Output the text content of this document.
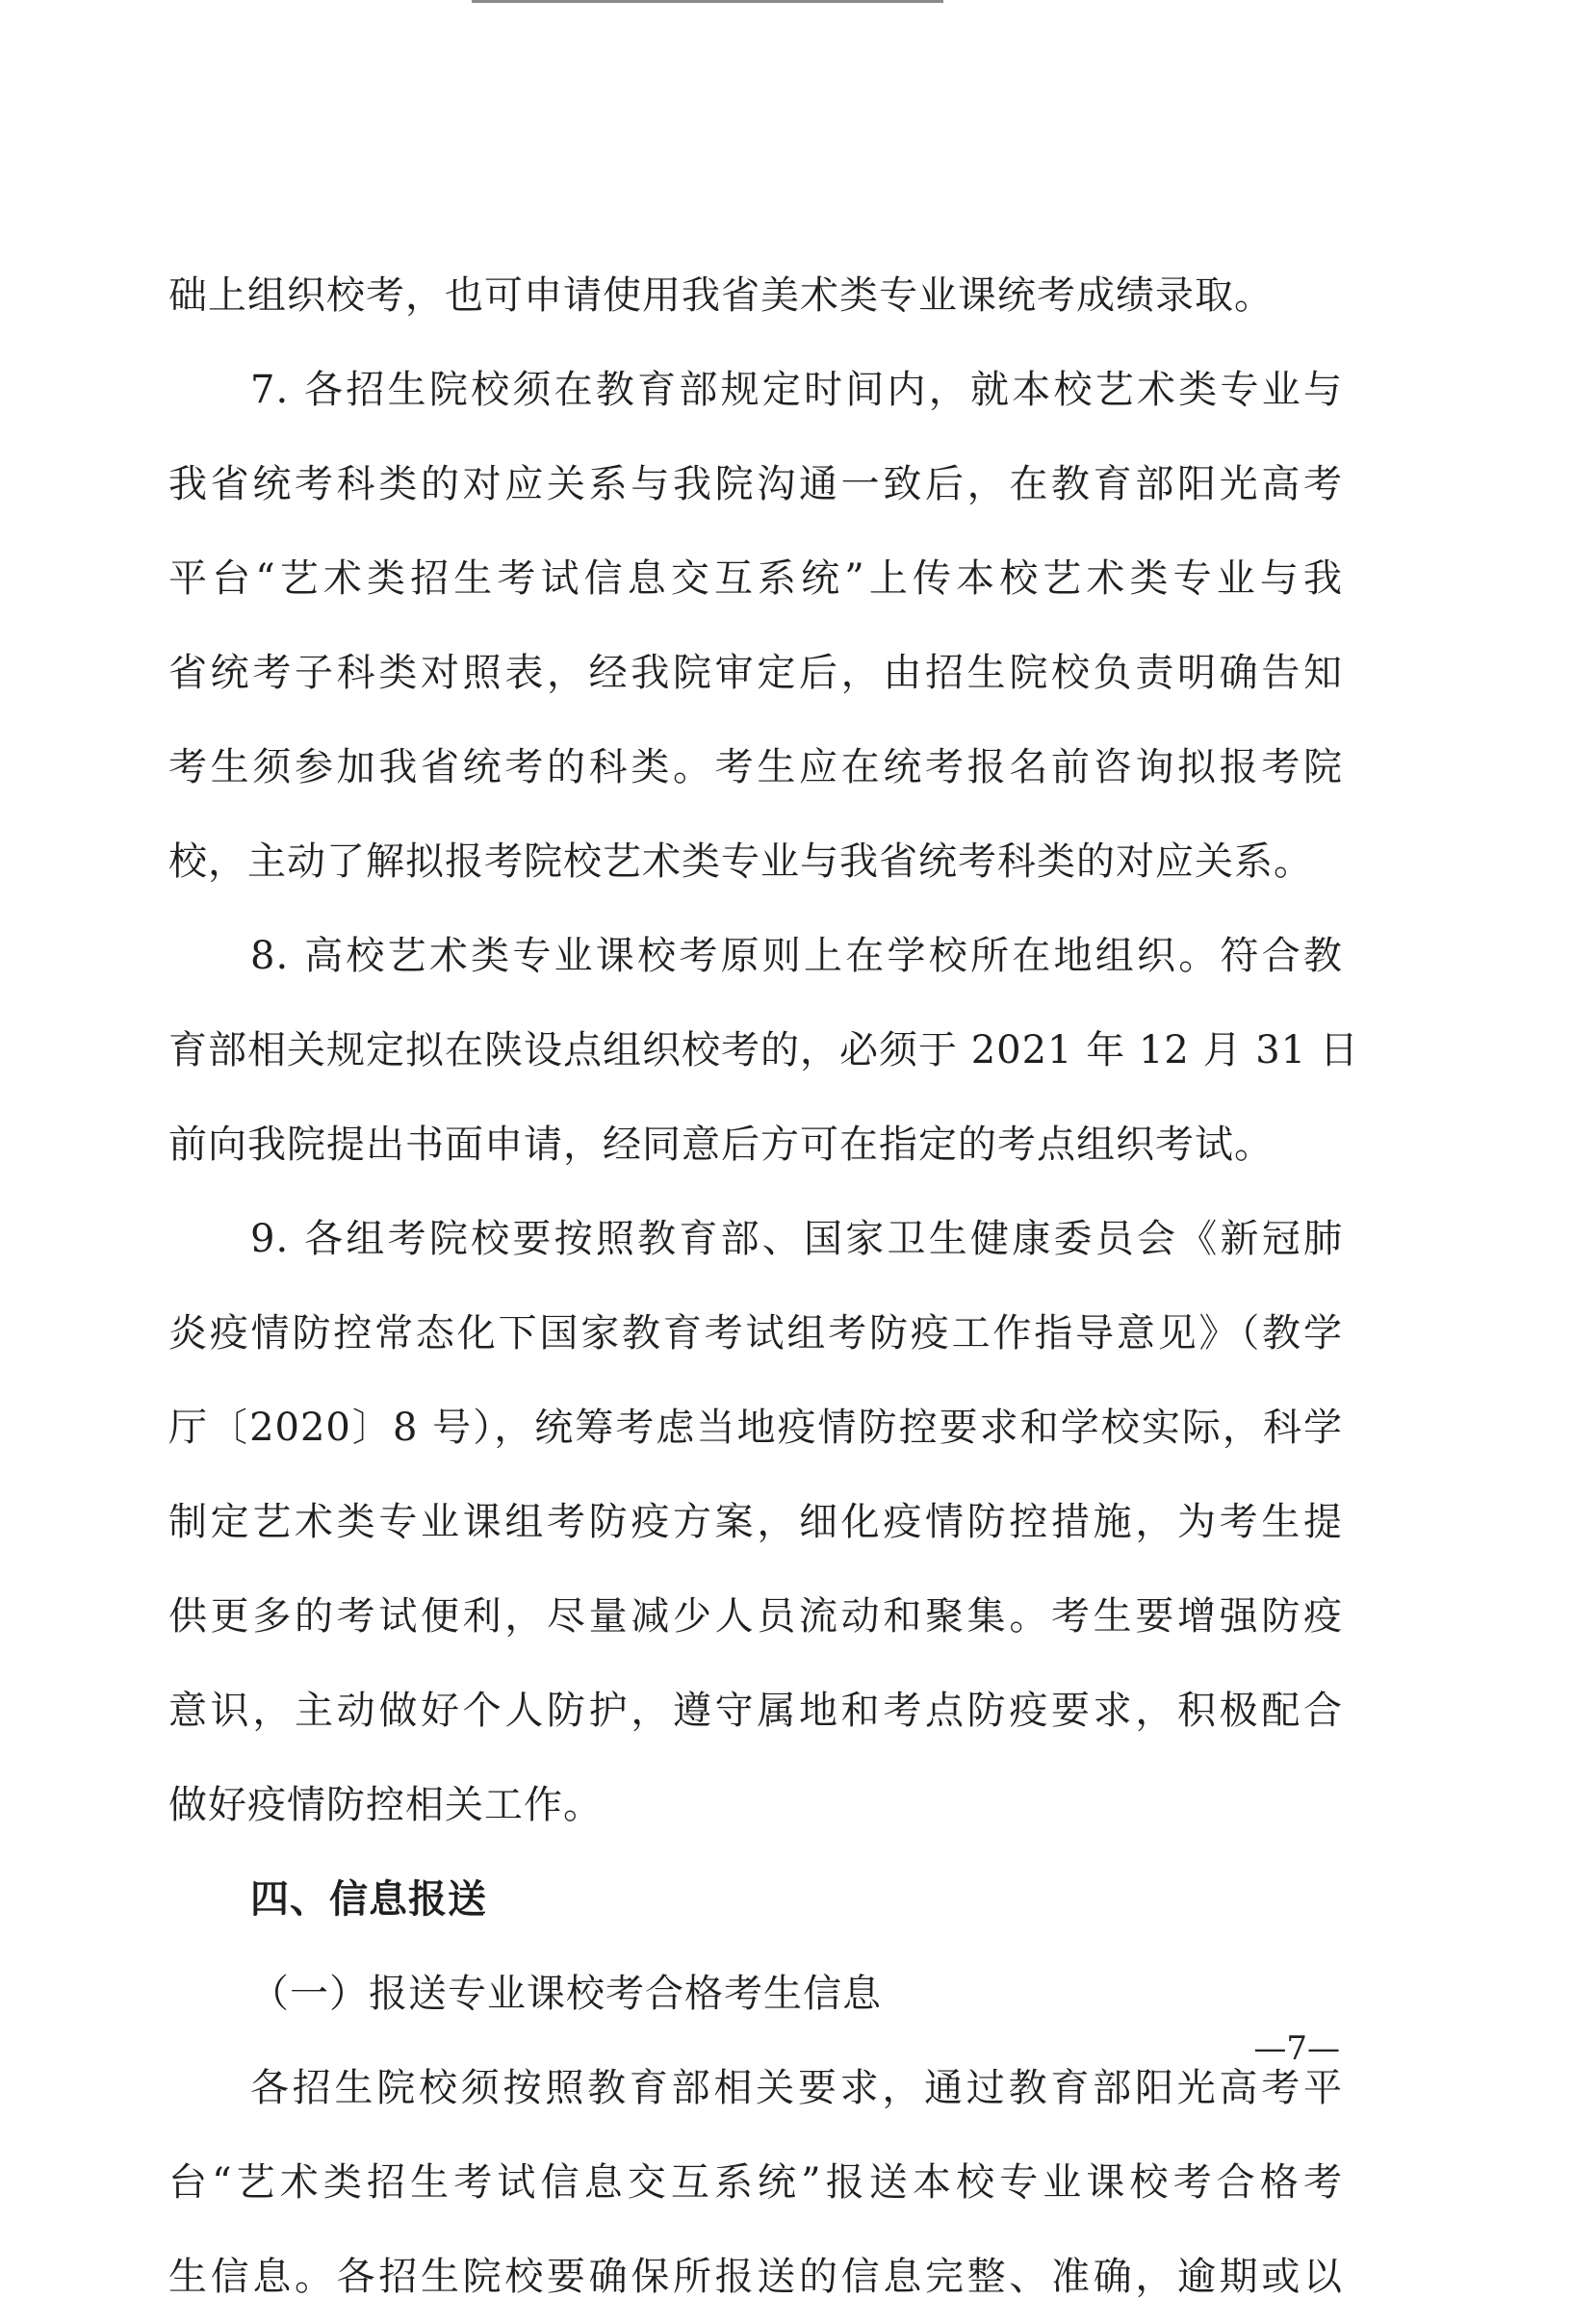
础上组织校考，也可申请使用我省美术类专业课统考成绩录取。
7. 各招生院校须在教育部规定时间内，就本校艺术类专业与
我省统考科类的对应关系与我院沟通一致后，在教育部阳光高考
平台“艺术类招生考试信息交互系统”上传本校艺术类专业与我
省统考子科类对照表，经我院审定后，由招生院校负责明确告知
考生须参加我省统考的科类。考生应在统考报名前咨询拟报考院
校，主动了解拟报考院校艺术类专业与我省统考科类的对应关系。
8. 高校艺术类专业课校考原则上在学校所在地组织。符合教
育部相关规定拟在陕设点组织校考的，必须于 2021 年 12 月 31 日
前向我院提出书面申请，经同意后方可在指定的考点组织考试。
9. 各组考院校要按照教育部、国家卫生健康委员会《新冠肺
炎疫情防控常态化下国家教育考试组考防疫工作指导意见》（教学
厅〔2020〕8 号），统筹考虑当地疫情防控要求和学校实际，科学
制定艺术类专业课组考防疫方案，细化疫情防控措施，为考生提
供更多的考试便利，尽量减少人员流动和聚集。考生要增强防疫
意识，主动做好个人防护，遵守属地和考点防疫要求，积极配合
做好疫情防控相关工作。
四、信息报送
（一）报送专业课校考合格考生信息
各招生院校须按照教育部相关要求，通过教育部阳光高考平
台“艺术类招生考试信息交互系统”报送本校专业课校考合格考
生信息。各招生院校要确保所报送的信息完整、准确，逾期或以
—7—
